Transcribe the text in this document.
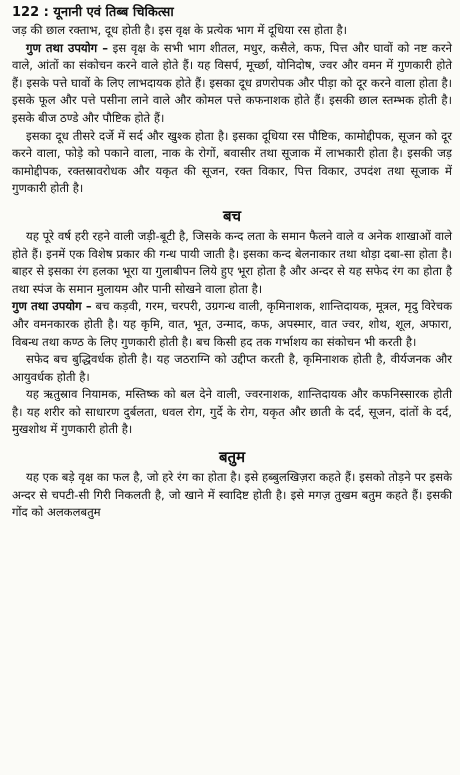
122 : यूनानी एवं तिब्ब चिकित्सा

जड़ की छाल रक्ताभ, दूध होती है। इस वृक्ष के प्रत्येक भाग में दूधिया रस होता है।

गुण तथा उपयोग – इस वृक्ष के सभी भाग शीतल, मधुर, कसैले, कफ, पित्त और घावों को नष्ट करने वाले, आंतों का संकोचन करने वाले होते हैं। यह विसर्प, मूर्च्छा, योनिदोष, ज्वर और वमन में गुणकारी होते हैं। इसके पत्ते घावों के लिए लाभदायक होते हैं। इसका दूध व्रणरोपक और पीड़ा को दूर करने वाला होता है। इसके फूल और पत्ते पसीना लाने वाले और कोमल पत्ते कफनाशक होते हैं। इसकी छाल स्तम्भक होती है। इसके बीज ठण्डे और पौष्टिक होते हैं।

इसका दूध तीसरे दर्जे में सर्द और खुश्क होता है। इसका दूधिया रस पौष्टिक, कामोद्दीपक, सूजन को दूर करने वाला, फोड़े को पकाने वाला, नाक के रोगों, बवासीर तथा सूजाक में लाभकारी होता है। इसकी जड़ कामोद्दीपक, रक्तस्रावरोधक और यकृत की सूजन, रक्त विकार, पित्त विकार, उपदंश तथा सूजाक में गुणकारी होती है।

बच

यह पूरे वर्ष हरी रहने वाली जड़ी-बूटी है, जिसके कन्द लता के समान फैलने वाले व अनेक शाखाओं वाले होते हैं। इनमें एक विशेष प्रकार की गन्ध पायी जाती है। इसका कन्द बेलनाकार तथा थोड़ा दबा-सा होता है। बाहर से इसका रंग हलका भूरा या गुलाबीपन लिये हुए भूरा होता है और अन्दर से यह सफेद रंग का होता है तथा स्पंज के समान मुलायम और पानी सोखने वाला होता है।

गुण तथा उपयोग – बच कड़वी, गरम, चरपरी, उग्रगन्ध वाली, कृमिनाशक, शान्तिदायक, मूत्रल, मृदु विरेचक और वमनकारक होती है। यह कृमि, वात, भूत, उन्माद, कफ, अपस्मार, वात ज्वर, शोथ, शूल, अफारा, विबन्ध तथा कण्ठ के लिए गुणकारी होती है। बच किसी हद तक गर्भाशय का संकोचन भी करती है।

सफेद बच बुद्धिवर्धक होती है। यह जठराग्नि को उद्दीप्त करती है, कृमिनाशक होती है, वीर्यजनक और आयुवर्धक होती है।

यह ऋतुस्राव नियामक, मस्तिष्क को बल देने वाली, ज्वरनाशक, शान्तिदायक और कफनिस्सारक होती है। यह शरीर को साधारण दुर्बलता, धवल रोग, गुर्दे के रोग, यकृत और छाती के दर्द, सूजन, दांतों के दर्द, मुखशोथ में गुणकारी होती है।

बतुम

यह एक बड़े वृक्ष का फल है, जो हरे रंग का होता है। इसे हब्बुलखिज़रा कहते हैं। इसको तोड़ने पर इसके अन्दर से चपटी-सी गिरी निकलती है, जो खाने में स्वादिष्ट होती है। इसे मगज़ तुखम बतुम कहते हैं। इसकी गोंद को अलकलबतुम
